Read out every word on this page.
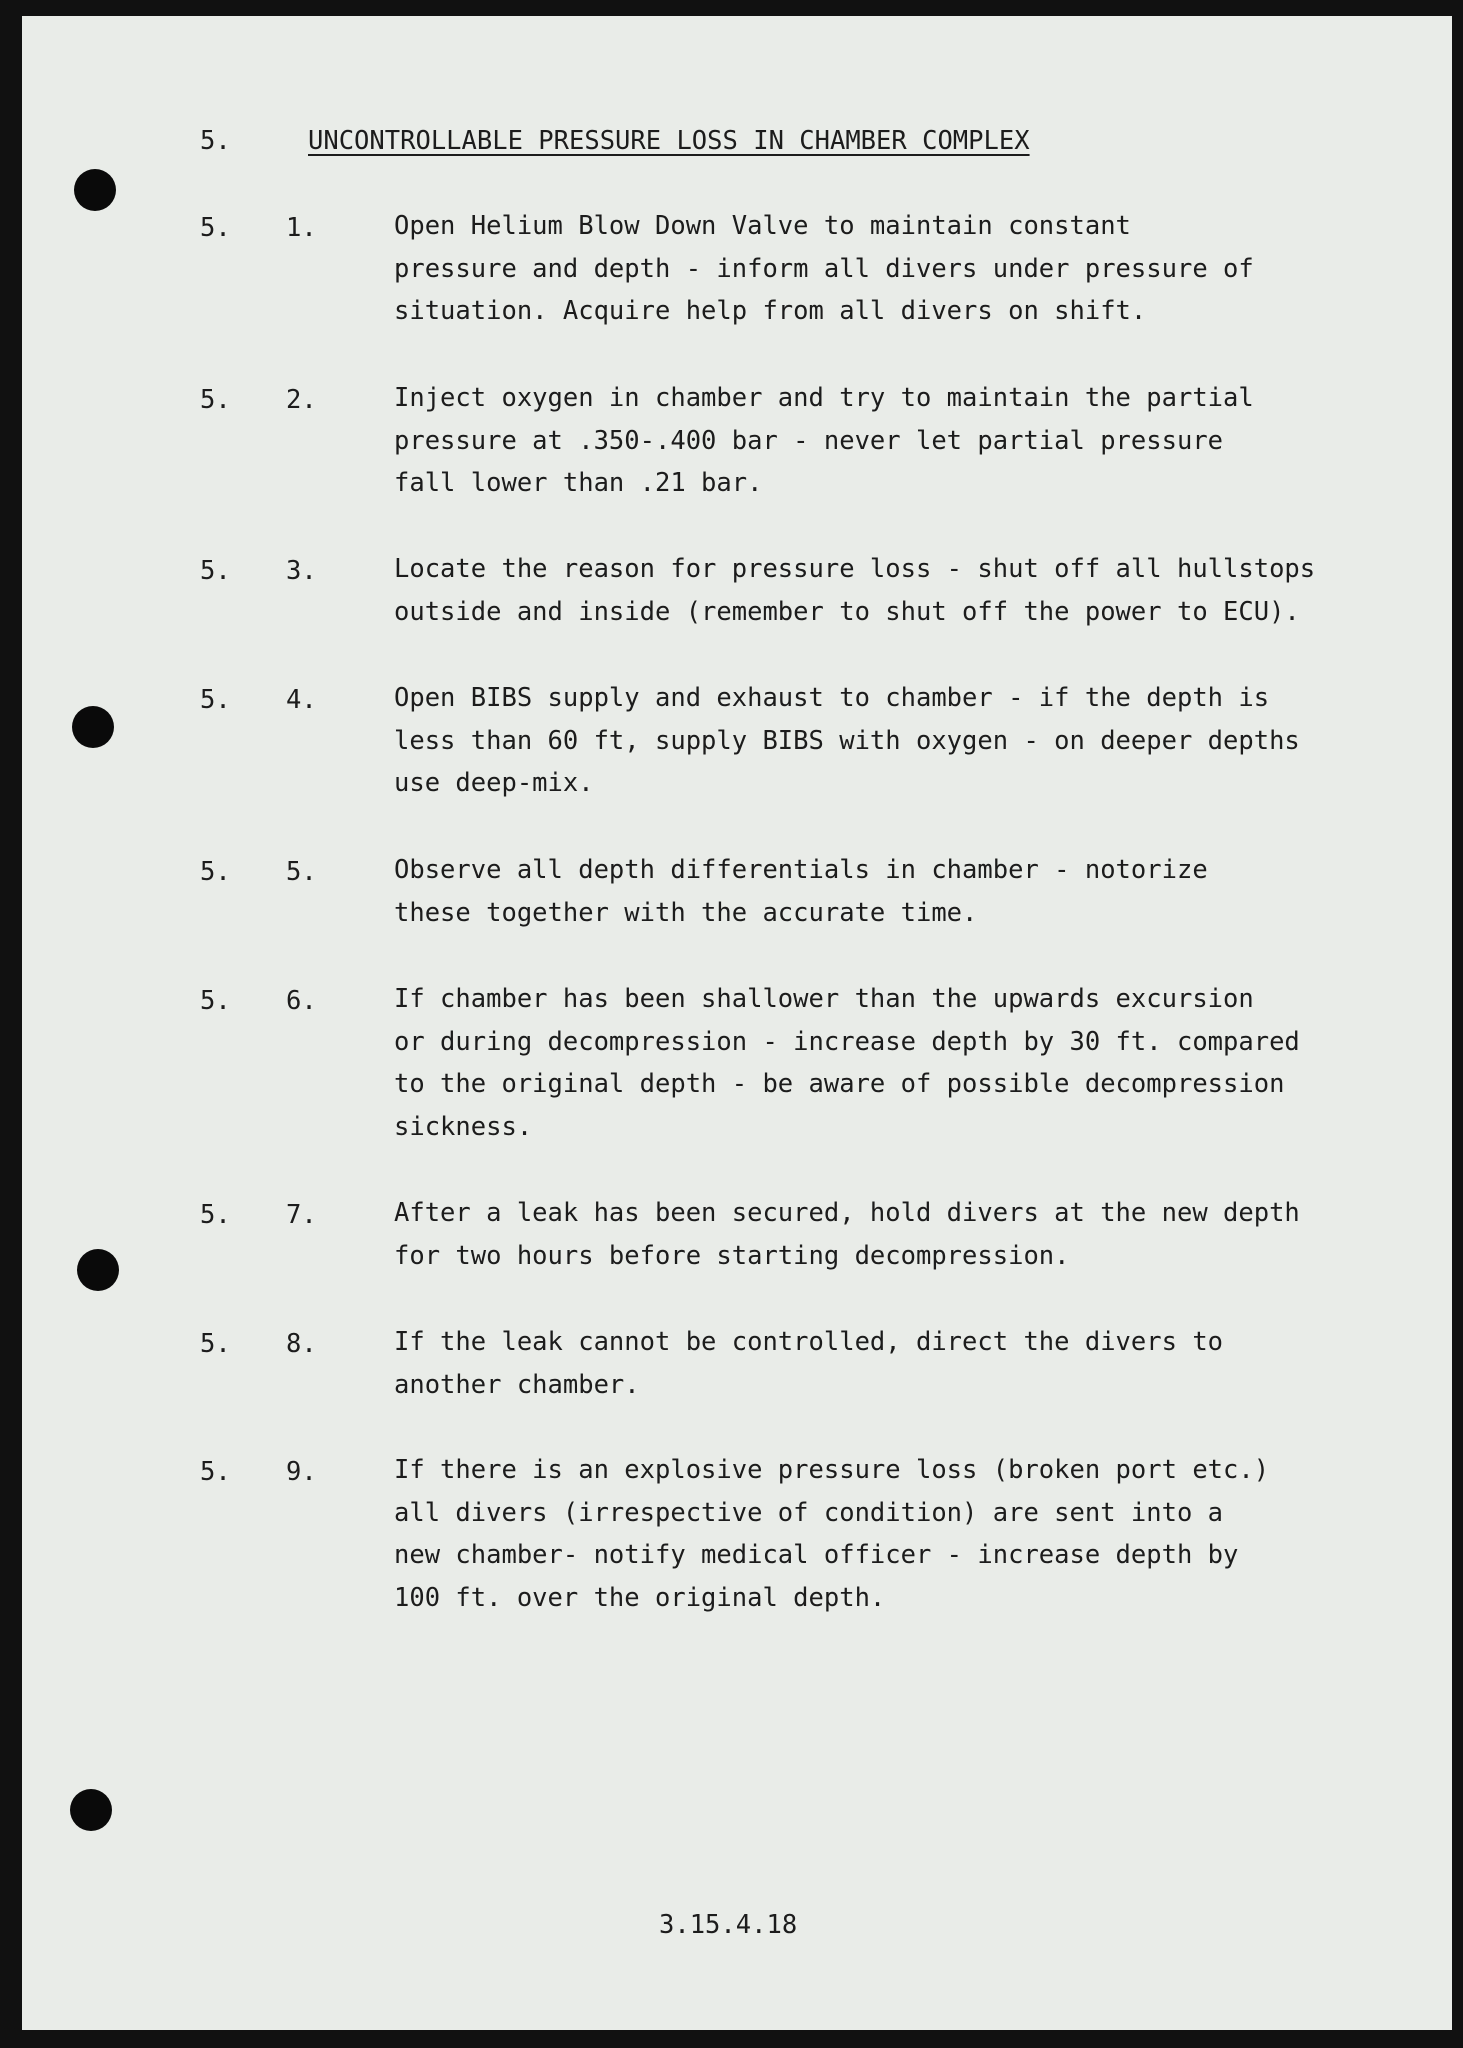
5.	UNCONTROLLABLE PRESSURE LOSS IN CHAMBER COMPLEX
5. 1.	Open Helium Blow Down Valve to maintain constant
pressure and depth - inform all divers under pressure of
situation. Acquire help from all divers on shift.
5. 2.	Inject oxygen in chamber and try to maintain the partial
pressure at .350-.400 bar - never let partial pressure
fall lower than .21 bar.
5. 3.	Locate the reason for pressure loss - shut off all hullstops
outside and inside (remember to shut off the power to ECU).
5. 4.	Open BIBS supply and exhaust to chamber - if the depth is
less than 60 ft, supply BIBS with oxygen - on deeper depths
use deep-mix.
5. 5.	Observe all depth differentials in chamber - notorize
these together with the accurate time.
5. 6.	If chamber has been shallower than the upwards excursion
or during decompression - increase depth by 30 ft. compared
to the original depth - be aware of possible decompression
sickness.
5. 7.	After a leak has been secured, hold divers at the new depth
for two hours before starting decompression.
5. 8.	If the leak cannot be controlled, direct the divers to
another chamber.
5. 9.	If there is an explosive pressure loss (broken port etc.)
all divers (irrespective of condition) are sent into a
new chamber- notify medical officer - increase depth by
100 ft. over the original depth.
3.15.4.18
